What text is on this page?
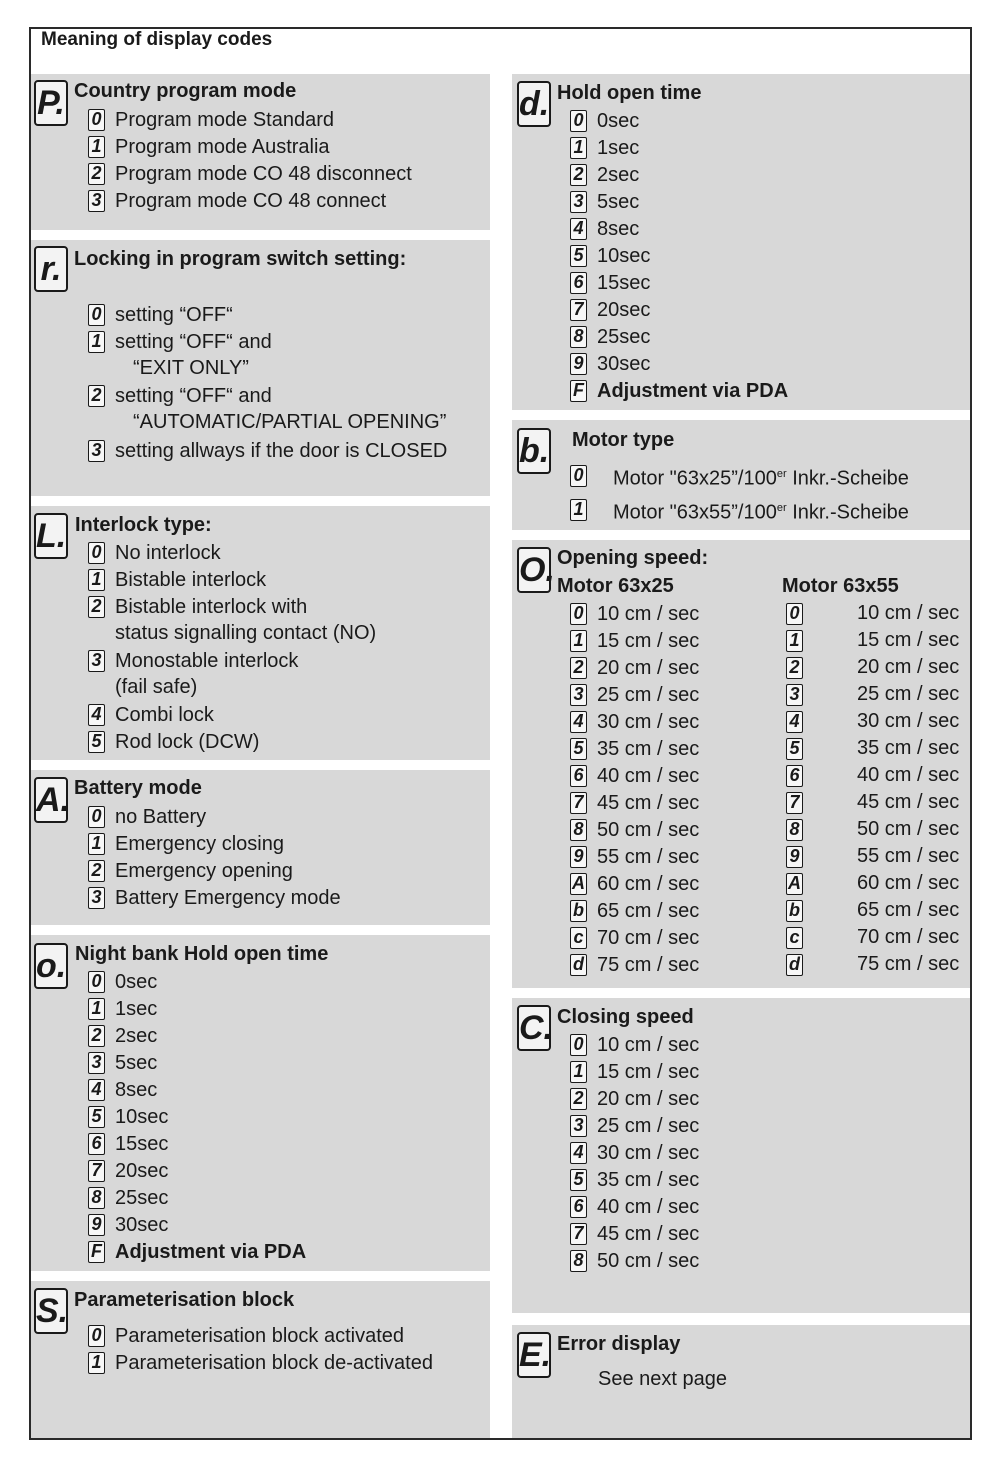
Meaning of display codes
P. Country program mode
0 Program mode Standard
1 Program mode Australia
2 Program mode CO 48 disconnect
3 Program mode CO 48 connect
r. Locking in program switch setting:
0 setting “OFF“
1 setting “OFF“ and
“EXIT ONLY”
2 setting “OFF“ and
“AUTOMATIC/PARTIAL OPENING”
3 setting allways if the door is CLOSED
L. Interlock type:
0 No interlock
1 Bistable interlock
2 Bistable interlock with
status signalling contact (NO)
3 Monostable interlock
(fail safe)
4 Combi lock
5 Rod lock (DCW)
A. Battery mode
0 no Battery
1 Emergency closing
2 Emergency opening
3 Battery Emergency mode
o. Night bank Hold open time
0 0sec
1 1sec
2 2sec
3 5sec
4 8sec
5 10sec
6 15sec
7 20sec
8 25sec
9 30sec
F Adjustment via PDA
S. Parameterisation block
0 Parameterisation block activated
1 Parameterisation block de-activated
d. Hold open time
0 0sec
1 1sec
2 2sec
3 5sec
4 8sec
5 10sec
6 15sec
7 20sec
8 25sec
9 30sec
F Adjustment via PDA
b. Motor type
0 Motor "63x25”/100er Inkr.-Scheibe
1 Motor "63x55”/100er Inkr.-Scheibe
O. Opening speed:
Motor 63x25	Motor 63x55
0 10 cm / sec	0	10 cm / sec
1 15 cm / sec	1	15 cm / sec
2 20 cm / sec	2	20 cm / sec
3 25 cm / sec	3	25 cm / sec
4 30 cm / sec	4	30 cm / sec
5 35 cm / sec	5	35 cm / sec
6 40 cm / sec	6	40 cm / sec
7 45 cm / sec	7	45 cm / sec
8 50 cm / sec	8	50 cm / sec
9 55 cm / sec	9	55 cm / sec
A 60 cm / sec	A	60 cm / sec
b 65 cm / sec	b	65 cm / sec
c 70 cm / sec	c	70 cm / sec
d 75 cm / sec	d	75 cm / sec
C. Closing speed
0 10 cm / sec
1 15 cm / sec
2 20 cm / sec
3 25 cm / sec
4 30 cm / sec
5 35 cm / sec
6 40 cm / sec
7 45 cm / sec
8 50 cm / sec
E. Error display
See next page
